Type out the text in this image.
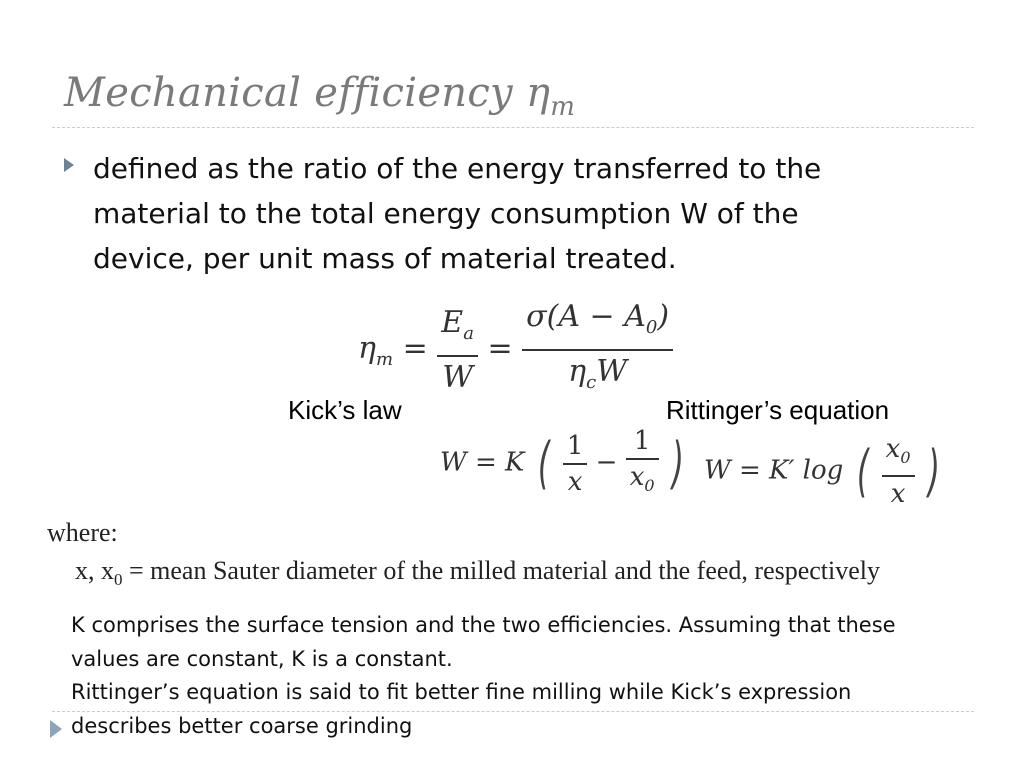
Mechanical efficiency $\eta_m$
defined as the ratio of the energy transferred to the material to the total energy consumption W of the device, per unit mass of material treated.
$\eta_m = \frac{E_a}{W} = \frac{\sigma(A - A_0)}{\eta_cW}$
Kick’s law	Rittinger’s equation
W = K ( $\frac{1}{x} - \frac{1}{x_0}$ ) W = K′ log ( $\frac{x_0}{x}$ )
where:
x, $x_0$ = mean Sauter diameter of the milled material and the feed, respectively
K comprises the surface tension and the two efficiencies. Assuming that these
values are constant, K is a constant.
Rittinger’s equation is said to fit better fine milling while Kick’s expression
describes better coarse grinding
